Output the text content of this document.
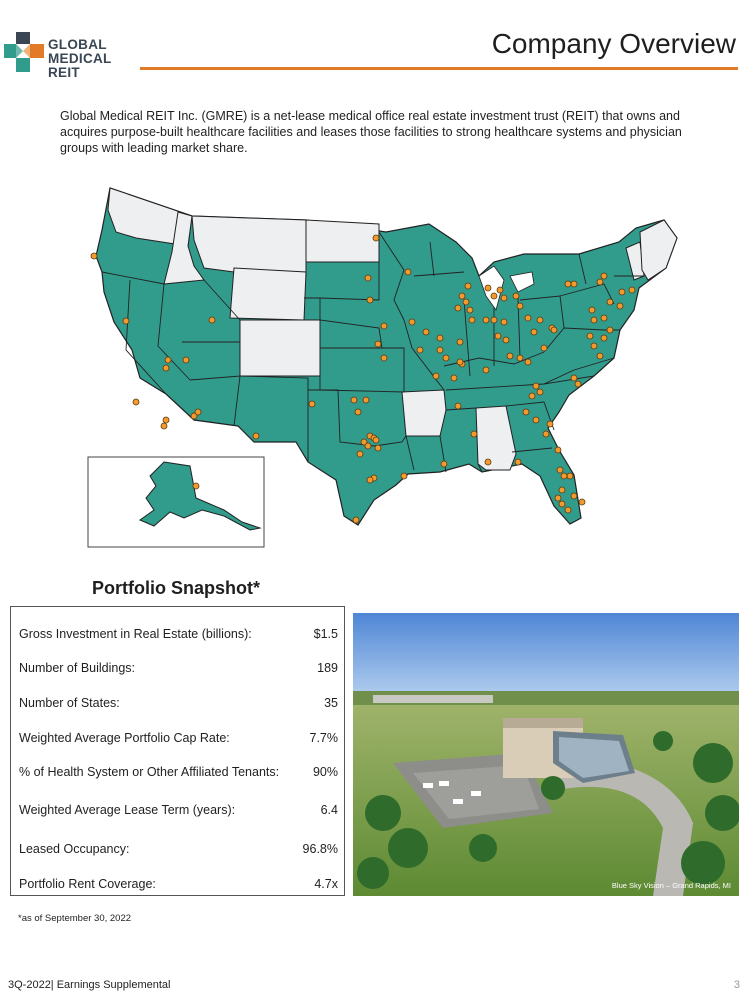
GLOBAL
MEDICAL REIT
Company Overview
Global Medical REIT Inc. (GMRE) is a net-lease medical office real estate investment trust (REIT) that owns and acquires purpose-built healthcare facilities and leases those facilities to strong healthcare systems and physician groups with leading market share.
Portfolio Snapshot*
Gross Investment in Real Estate (billions):	$1.5
Number of Buildings:	189
Number of States:	35
Weighted Average Portfolio Cap Rate:	7.7%
% of Health System or Other Affiliated Tenants:	90%
Weighted Average Lease Term (years):	6.4
Leased Occupancy:	96.8%
Portfolio Rent Coverage:	4.7x	Blue Sky Vision – Grand Rapids, MI
*as of September 30, 2022
3Q-2022| Earnings Supplemental	3
